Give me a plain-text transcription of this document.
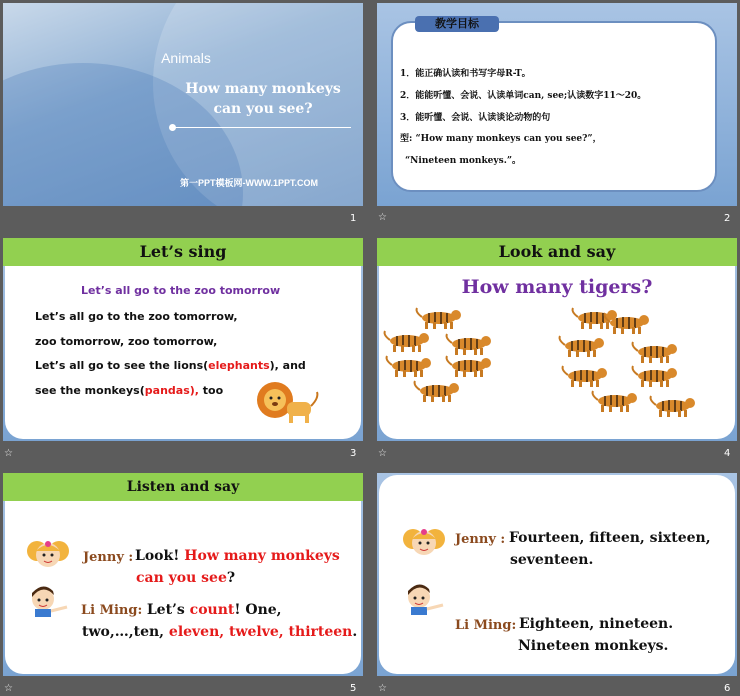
Animals
How many monkeys
can you see?
第一PPT模板网-WWW.1PPT.COM
1
教学目标
1．能正确认读和书写字母R-T。
2．能能听懂、会说、认读单词can, see;认读数字11～20。
3．能听懂、会说、认读谈论动物的句
型: “How many monkeys can you see?”，
“Nineteen monkeys.”。
☆	2
Let’s sing
Let’s all go to the zoo tomorrow
Let’s all go to the zoo tomorrow,
zoo tomorrow, zoo tomorrow,
Let’s all go to see the lions(elephants), and
see the monkeys(pandas), too
☆	3
Look and say
How many tigers?
☆	4
Listen and say
Jenny : Look! How many monkeys
can you see?
Li Ming: Let’s count! One,
two,…,ten, eleven, twelve, thirteen.
☆	5
Jenny : Fourteen, fifteen, sixteen,
seventeen.
Li Ming: Eighteen, nineteen.
Nineteen monkeys.
☆	6
